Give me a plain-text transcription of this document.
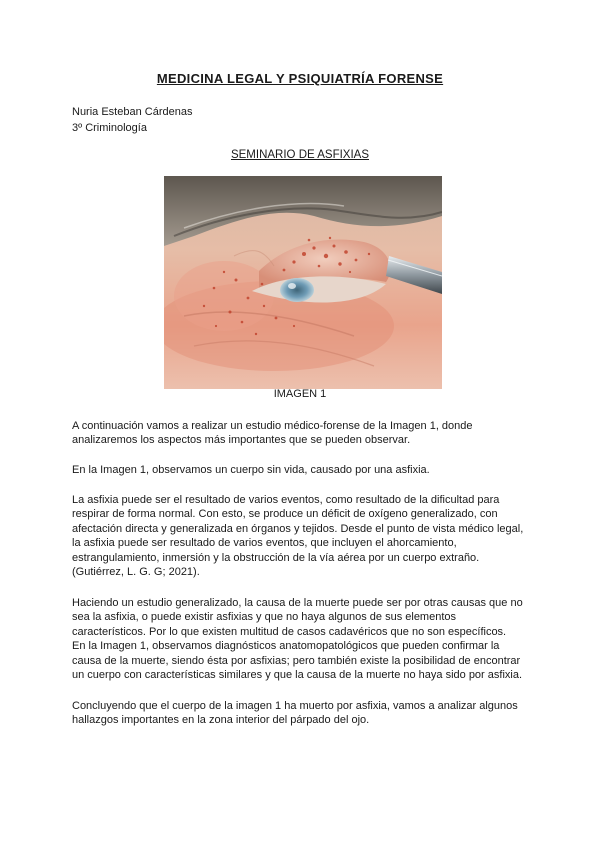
MEDICINA LEGAL Y PSIQUIATRÍA FORENSE
Nuria Esteban Cárdenas
3º Criminología
SEMINARIO DE ASFIXIAS
IMAGEN 1

A continuación vamos a realizar un estudio médico-forense de la Imagen 1, donde
analizaremos los aspectos más importantes que se pueden observar.

En la Imagen 1, observamos un cuerpo sin vida, causado por una asfixia.

La asfixia puede ser el resultado de varios eventos, como resultado de la dificultad para
respirar de forma normal. Con esto, se produce un déficit de oxígeno generalizado, con
afectación directa y generalizada en órganos y tejidos. Desde el punto de vista médico legal,
la asfixia puede ser resultado de varios eventos, que incluyen el ahorcamiento,
estrangulamiento, inmersión y la obstrucción de la vía aérea por un cuerpo extraño.
(Gutiérrez, L. G. G; 2021).

Haciendo un estudio generalizado, la causa de la muerte puede ser por otras causas que no
sea la asfixia, o puede existir asfixias y que no haya algunos de sus elementos
característicos. Por lo que existen multitud de casos cadavéricos que no son específicos.
En la Imagen 1, observamos diagnósticos anatomopatológicos que pueden confirmar la
causa de la muerte, siendo ésta por asfixias; pero también existe la posibilidad de encontrar
un cuerpo con características similares y que la causa de la muerte no haya sido por asfixia.

Concluyendo que el cuerpo de la imagen 1 ha muerto por asfixia, vamos a analizar algunos
hallazgos importantes en la zona interior del párpado del ojo.
